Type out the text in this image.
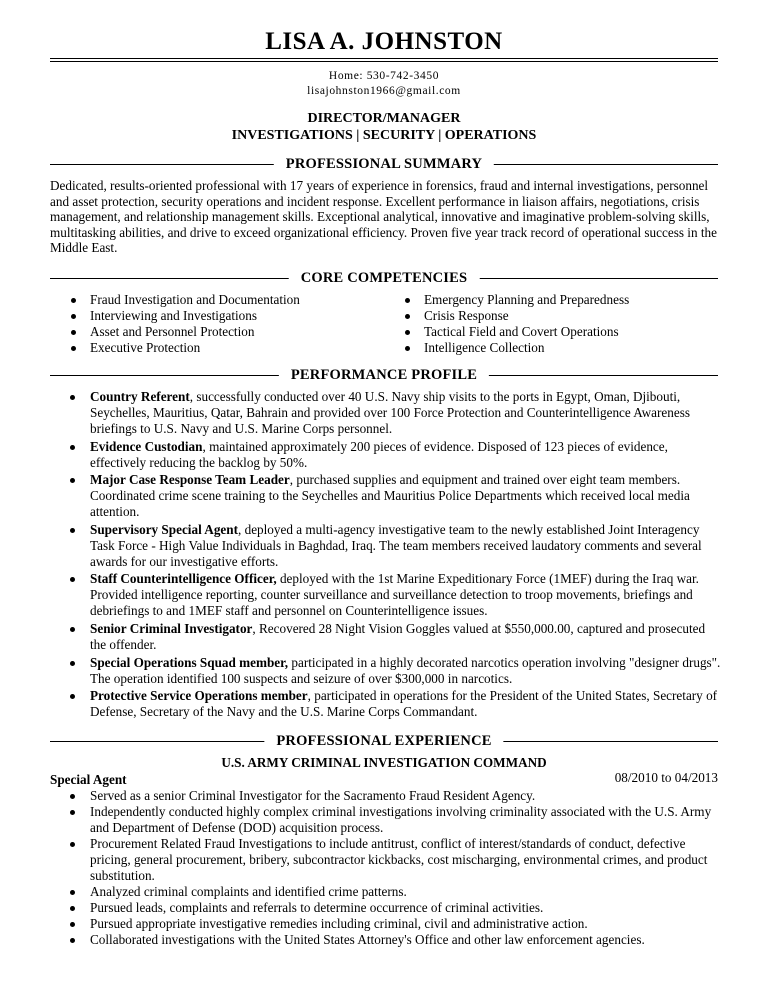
LISA A. JOHNSTON
Home: 530-742-3450
lisajohnston1966@gmail.com
DIRECTOR/MANAGER
INVESTIGATIONS | SECURITY | OPERATIONS
PROFESSIONAL SUMMARY
Dedicated, results-oriented professional with 17 years of experience in forensics, fraud and internal investigations, personnel and asset protection, security operations and incident response. Excellent performance in liaison affairs, negotiations, crisis management, and relationship management skills. Exceptional analytical, innovative and imaginative problem-solving skills, multitasking abilities, and drive to exceed organizational efficiency. Proven five year track record of operational success in the Middle East.
CORE COMPETENCIES
Fraud Investigation and Documentation
Interviewing and Investigations
Asset and Personnel Protection
Executive Protection
Emergency Planning and Preparedness
Crisis Response
Tactical Field and Covert Operations
Intelligence Collection
PERFORMANCE PROFILE
Country Referent, successfully conducted over 40 U.S. Navy ship visits to the ports in Egypt, Oman, Djibouti, Seychelles, Mauritius, Qatar, Bahrain and provided over 100 Force Protection and Counterintelligence Awareness briefings to U.S. Navy and U.S. Marine Corps personnel.
Evidence Custodian, maintained approximately 200 pieces of evidence. Disposed of 123 pieces of evidence, effectively reducing the backlog by 50%.
Major Case Response Team Leader, purchased supplies and equipment and trained over eight team members. Coordinated crime scene training to the Seychelles and Mauritius Police Departments which received local media attention.
Supervisory Special Agent, deployed a multi-agency investigative team to the newly established Joint Interagency Task Force - High Value Individuals in Baghdad, Iraq. The team members received laudatory comments and several awards for our investigative efforts.
Staff Counterintelligence Officer, deployed with the 1st Marine Expeditionary Force (1MEF) during the Iraq war. Provided intelligence reporting, counter surveillance and surveillance detection to troop movements, briefings and debriefings to and 1MEF staff and personnel on Counterintelligence issues.
Senior Criminal Investigator, Recovered 28 Night Vision Goggles valued at $550,000.00, captured and prosecuted the offender.
Special Operations Squad member, participated in a highly decorated narcotics operation involving "designer drugs". The operation identified 100 suspects and seizure of over $300,000 in narcotics.
Protective Service Operations member, participated in operations for the President of the United States, Secretary of Defense, Secretary of the Navy and the U.S. Marine Corps Commandant.
PROFESSIONAL EXPERIENCE
U.S. ARMY CRIMINAL INVESTIGATION COMMAND
Special Agent	08/2010 to 04/2013
Served as a senior Criminal Investigator for the Sacramento Fraud Resident Agency.
Independently conducted highly complex criminal investigations involving criminality associated with the U.S. Army and Department of Defense (DOD) acquisition process.
Procurement Related Fraud Investigations to include antitrust, conflict of interest/standards of conduct, defective pricing, general procurement, bribery, subcontractor kickbacks, cost mischarging, environmental crimes, and product substitution.
Analyzed criminal complaints and identified crime patterns.
Pursued leads, complaints and referrals to determine occurrence of criminal activities.
Pursued appropriate investigative remedies including criminal, civil and administrative action.
Collaborated investigations with the United States Attorney's Office and other law enforcement agencies.
